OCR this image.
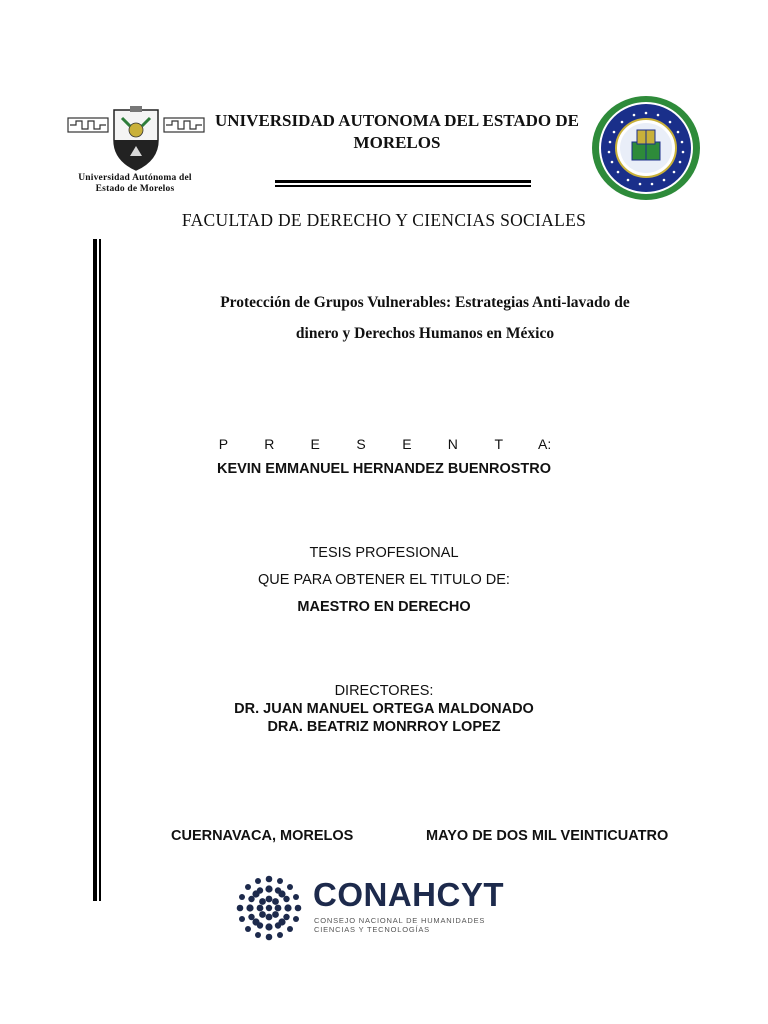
Universidad Autónoma del
Estado de Morelos
UNIVERSIDAD AUTONOMA DEL ESTADO DE MORELOS
FACULTAD DE DERECHO Y CIENCIAS SOCIALES
Protección de Grupos Vulnerables: Estrategias Anti-lavado de
dinero y Derechos Humanos en México
P	R	E	S	E	N	T A:
KEVIN EMMANUEL HERNANDEZ BUENROSTRO
TESIS PROFESIONAL
QUE PARA OBTENER EL TITULO DE:
MAESTRO EN DERECHO
DIRECTORES:
DR. JUAN MANUEL ORTEGA MALDONADO
DRA. BEATRIZ MONRROY LOPEZ
CUERNAVACA, MORELOS	MAYO DE DOS MIL VEINTICUATRO
CONAHCYT
CONSEJO NACIONAL DE HUMANIDADES
CIENCIAS Y TECNOLOGÍAS
